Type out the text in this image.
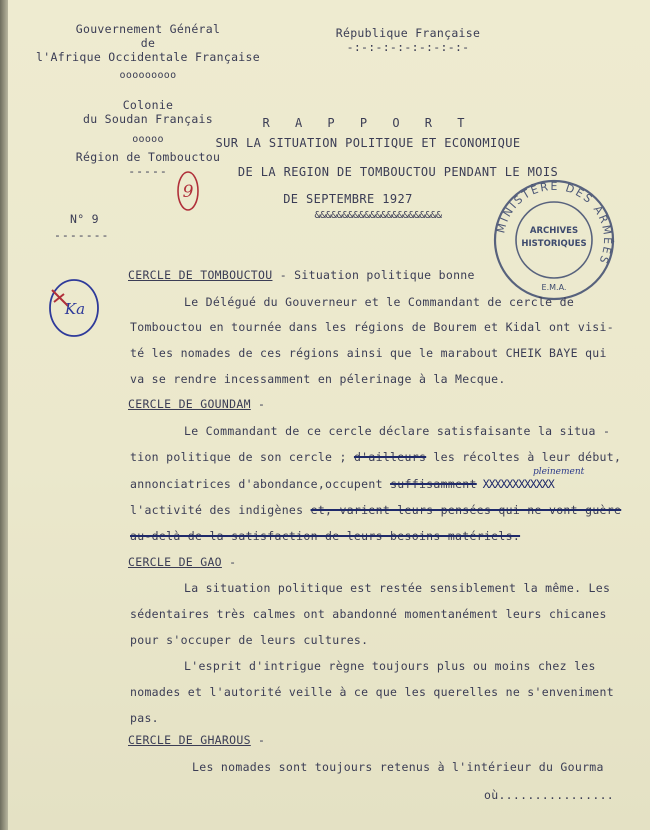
Gouvernement Général
de
l'Afrique Occidentale Française
ooooooooo
Colonie
du Soudan Français
ooooo
Région de Tombouctou
-----
N° 9
-------
République Française
-:-:-:-:-:-:-:-:-
R A P P O R T
SUR LA SITUATION POLITIQUE ET ECONOMIQUE
DE LA REGION DE TOMBOUCTOU PENDANT LE MOIS
DE SEPTEMBRE 1927
&&&&&&&&&&&&&&&&&&&&&&&
9
Ka
MINISTÈRE DES ARMÉES
ARCHIVES
HISTORIQUES
E.M.A.
CERCLE DE TOMBOUCTOU - Situation politique bonne
Le Délégué du Gouverneur et le Commandant de cercle de
Tombouctou en tournée dans les régions de Bourem et Kidal ont visi-
té les nomades de ces régions ainsi que le marabout CHEIK BAYE qui
va se rendre incessamment en pélerinage à la Mecque.
CERCLE DE GOUNDAM -
Le Commandant de ce cercle déclare satisfaisante la situa -
tion politique de son cercle ; d'ailleurs les récoltes à leur début,
pleinement
annonciatrices d'abondance,occupent suffisamment XXXXXXXXXXXX
l'activité des indigènes et, varient leurs pensées qui ne vont guère
au-delà de la satisfaction de leurs besoins matériels.
CERCLE DE GAO -
La situation politique est restée sensiblement la même. Les
sédentaires très calmes ont abandonné momentanément leurs chicanes
pour s'occuper de leurs cultures.
L'esprit d'intrigue règne toujours plus ou moins chez les
nomades et l'autorité veille à ce que les querelles ne s'enveniment
pas.
CERCLE DE GHAROUS -
Les nomades sont toujours retenus à l'intérieur du Gourma
où................
